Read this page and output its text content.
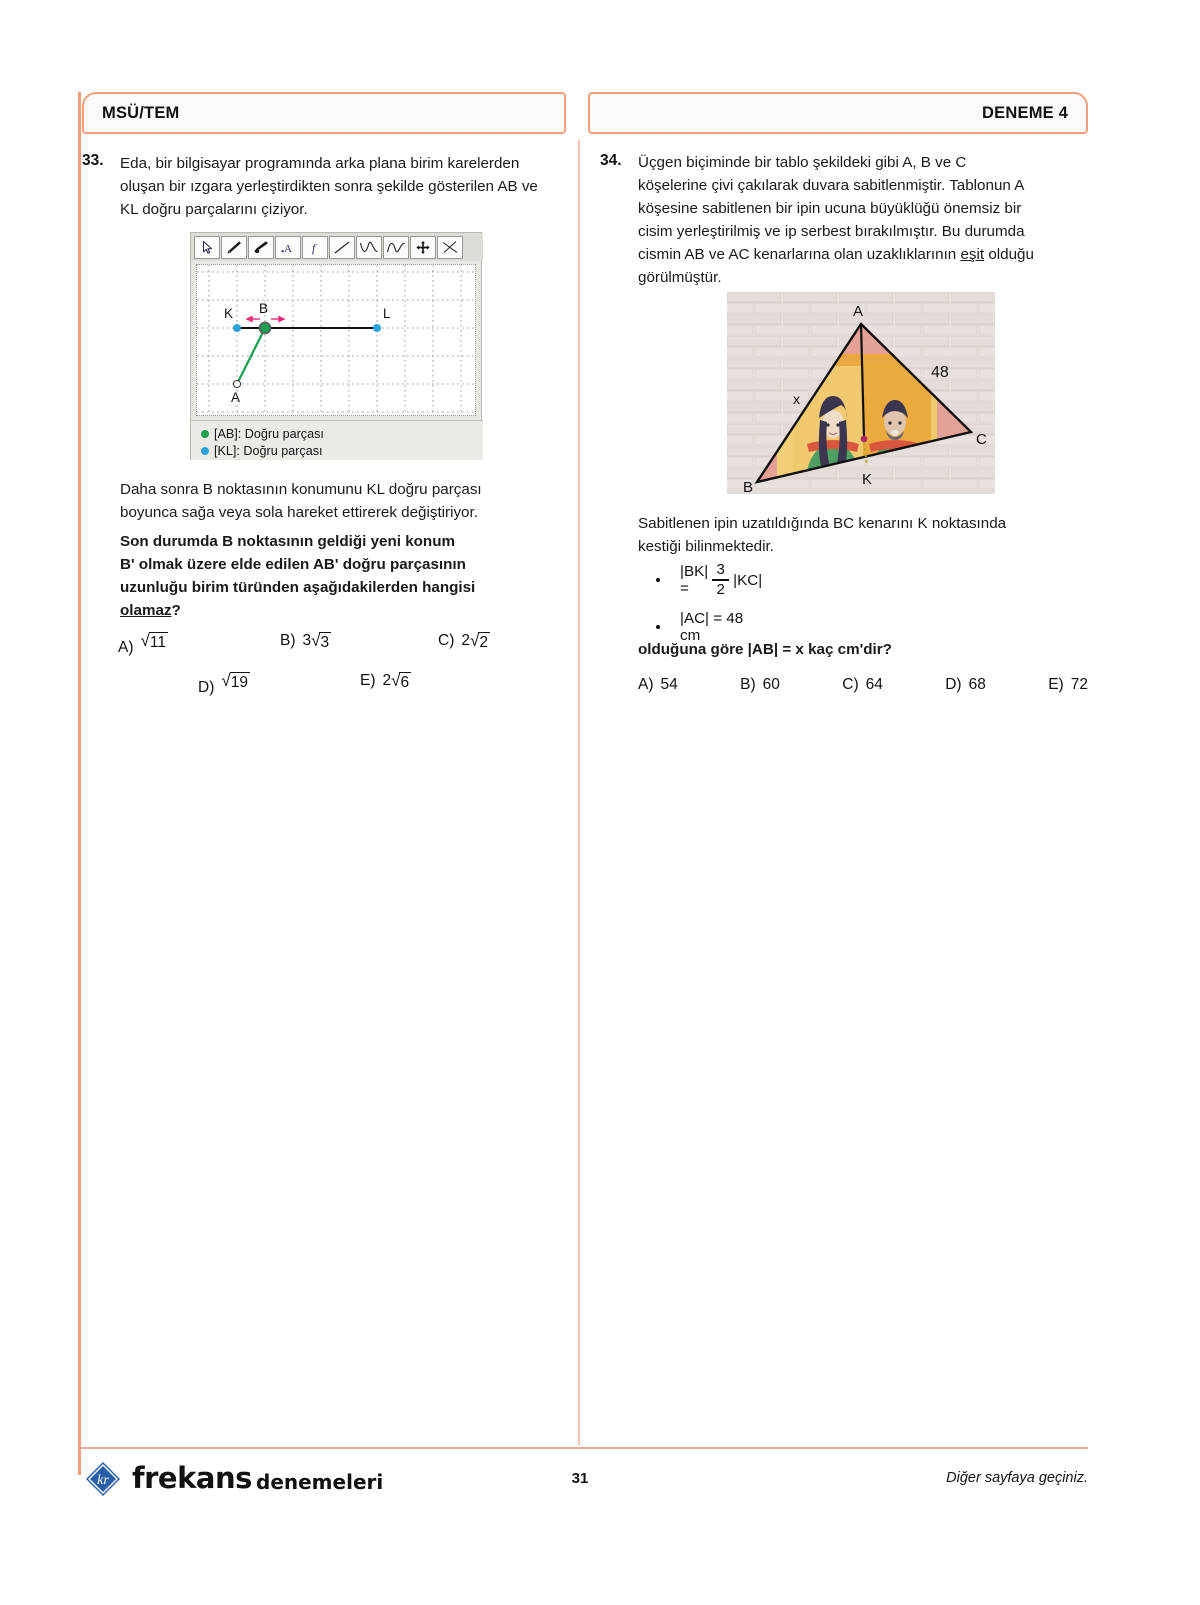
MSÜ/TEM	DENEME 4
33. Eda, bir bilgisayar programında arka plana birim karelerden oluşan bir ızgara yerleştirdikten sonra şekilde gösterilen AB ve KL doğru parçalarını çiziyor.
A f
K B	L
A
[AB]: Doğru parçası
[KL]: Doğru parçası
Daha sonra B noktasının konumunu KL doğru parçası boyunca sağa veya sola hareket ettirerek değiştiriyor.
Son durumda B noktasının geldiği yeni konum
B' olmak üzere elde edilen AB' doğru parçasının
uzunluğu birim türünden aşağıdakilerden hangisi
olamaz?
A) √ 11	B) 3 √ 3	C) 2 √ 2
D) √ 19	E) 2 √ 6
34. Üçgen biçiminde bir tablo şekildeki gibi A, B ve C
köşelerine çivi çakılarak duvara sabitlenmiştir. Tablonun A
köşesine sabitlenen bir ipin ucuna büyüklüğü önemsiz bir
cisim yerleştirilmiş ve ip serbest bırakılmıştır. Bu durumda
cismin AB ve AC kenarlarına olan uzaklıklarının eşit olduğu
görülmüştür.
A
B
C
K
x
48
Sabitlenen ipin uzatıldığında BC kenarını K noktasında
kestiği bilinmektedir.
|BK| =	$\frac{3}{2} |KC|$
|AC| = 48 cm
olduğuna göre |AB| = x kaç cm'dir?
A) 54	B) 60	C) 64	D) 68	E) 72
kr frekans denemeleri	31	Diğer sayfaya geçiniz.
